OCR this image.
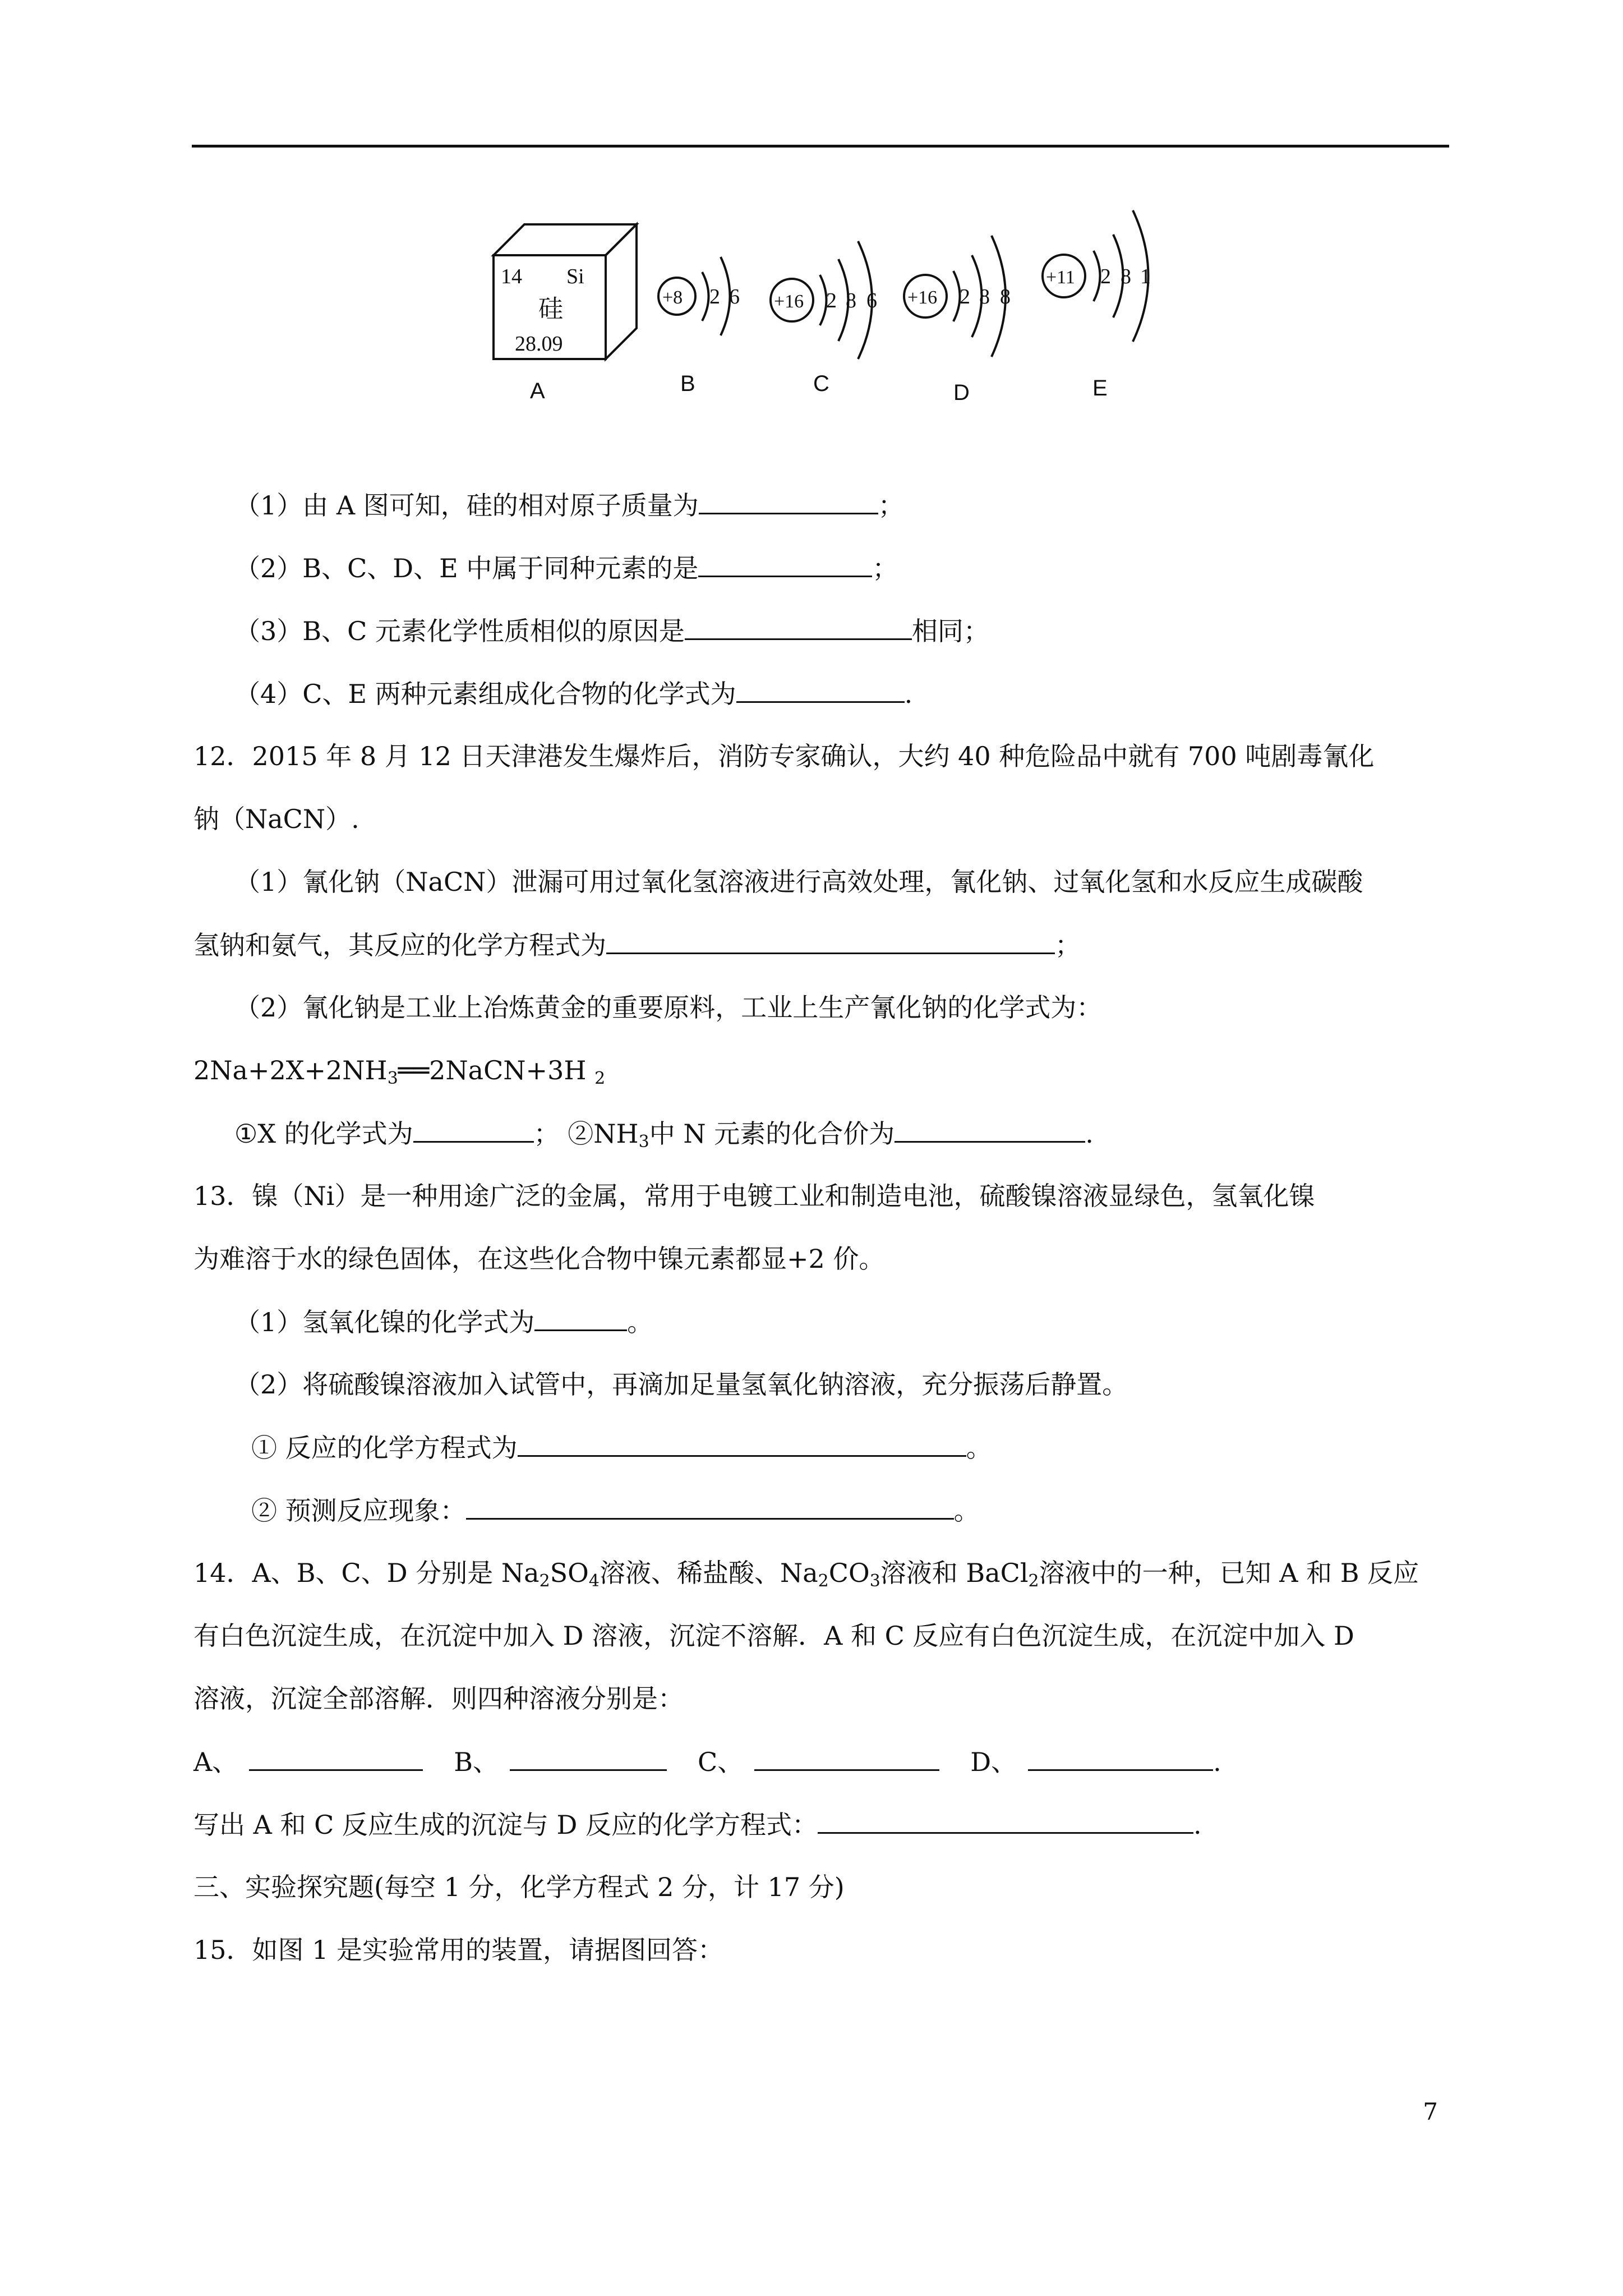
14 Si
硅
28.09
+8 2 6 +16 2 8 6 +16 2 8 8
+11 2 8 1
A	B	C	D	E
（1）由 A 图可知，硅的相对原子质量为	；
（2）B、C、D、E 中属于同种元素的是	；
（3）B、C 元素化学性质相似的原因是	相同；
（4）C、E 两种元素组成化合物的化学式为	.
12．2015 年 8 月 12 日天津港发生爆炸后，消防专家确认，大约 40 种危险品中就有 700 吨剧毒氰化
钠（NaCN）.
（1）氰化钠（NaCN）泄漏可用过氧化氢溶液进行高效处理，氰化钠、过氧化氢和水反应生成碳酸
氢钠和氨气，其反应的化学方程式为	；
（2）氰化钠是工业上冶炼黄金的重要原料，工业上生产氰化钠的化学式为：
$2Na+2X+2NH_3══2NaCN+3H$ $_2$
①X 的化学式为	； $②NH_3$中 N 元素的化合价为	.
13．镍（Ni）是一种用途广泛的金属，常用于电镀工业和制造电池，硫酸镍溶液显绿色，氢氧化镍
为难溶于水的绿色固体，在这些化合物中镍元素都显+2 价。
（1）氢氧化镍的化学式为	。
（2）将硫酸镍溶液加入试管中，再滴加足量氢氧化钠溶液，充分振荡后静置。
① 反应的化学方程式为	。
② 预测反应现象：	。
14．A、B、C、D 分别是 $Na_2SO_4$溶液、稀盐酸、$Na_2CO_3$溶液和 BaCl$_2$溶液中的一种，已知 A 和 B 反应
有白色沉淀生成，在沉淀中加入 D 溶液，沉淀不溶解．A 和 C 反应有白色沉淀生成，在沉淀中加入 D
溶液，沉淀全部溶解．则四种溶液分别是：
A、	B、	C、	D、	.
写出 A 和 C 反应生成的沉淀与 D 反应的化学方程式：	.
三、实验探究题(每空 1 分，化学方程式 2 分，计 17 分)
15．如图 1 是实验常用的装置，请据图回答：
7
